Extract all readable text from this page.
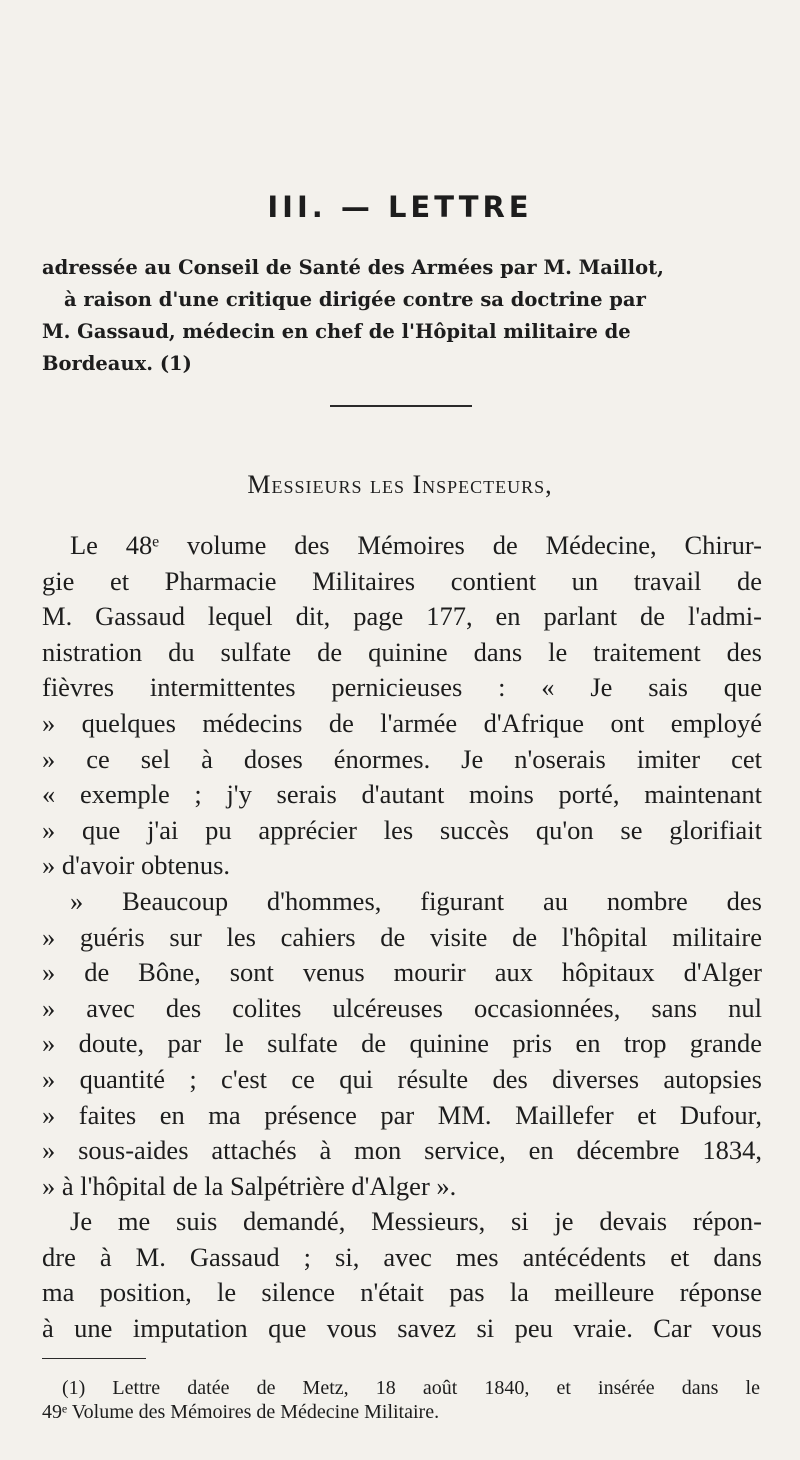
III. — LETTRE
adressée au Conseil de Santé des Armées par M. Maillot,
à raison d'une critique dirigée contre sa doctrine par
M. Gassaud, médecin en chef de l'Hôpital militaire de
Bordeaux. (1)
Messieurs les Inspecteurs,
Le 48ᵉ volume des Mémoires de Médecine, Chirur-
gie et Pharmacie Militaires contient un travail de
M. Gassaud lequel dit, page 177, en parlant de l'admi-
nistration du sulfate de quinine dans le traitement des
fièvres intermittentes pernicieuses : « Je sais que
» quelques médecins de l'armée d'Afrique ont employé
» ce sel à doses énormes. Je n'oserais imiter cet
« exemple ; j'y serais d'autant moins porté, maintenant
» que j'ai pu apprécier les succès qu'on se glorifiait
» d'avoir obtenus.
» Beaucoup d'hommes, figurant au nombre des
» guéris sur les cahiers de visite de l'hôpital militaire
» de Bône, sont venus mourir aux hôpitaux d'Alger
» avec des colites ulcéreuses occasionnées, sans nul
» doute, par le sulfate de quinine pris en trop grande
» quantité ; c'est ce qui résulte des diverses autopsies
» faites en ma présence par MM. Maillefer et Dufour,
» sous-aides attachés à mon service, en décembre 1834,
» à l'hôpital de la Salpétrière d'Alger ».
Je me suis demandé, Messieurs, si je devais répon-
dre à M. Gassaud ; si, avec mes antécédents et dans
ma position, le silence n'était pas la meilleure réponse
à une imputation que vous savez si peu vraie. Car vous
(1) Lettre datée de Metz, 18 août 1840, et insérée dans le
49ᵉ Volume des Mémoires de Médecine Militaire.
